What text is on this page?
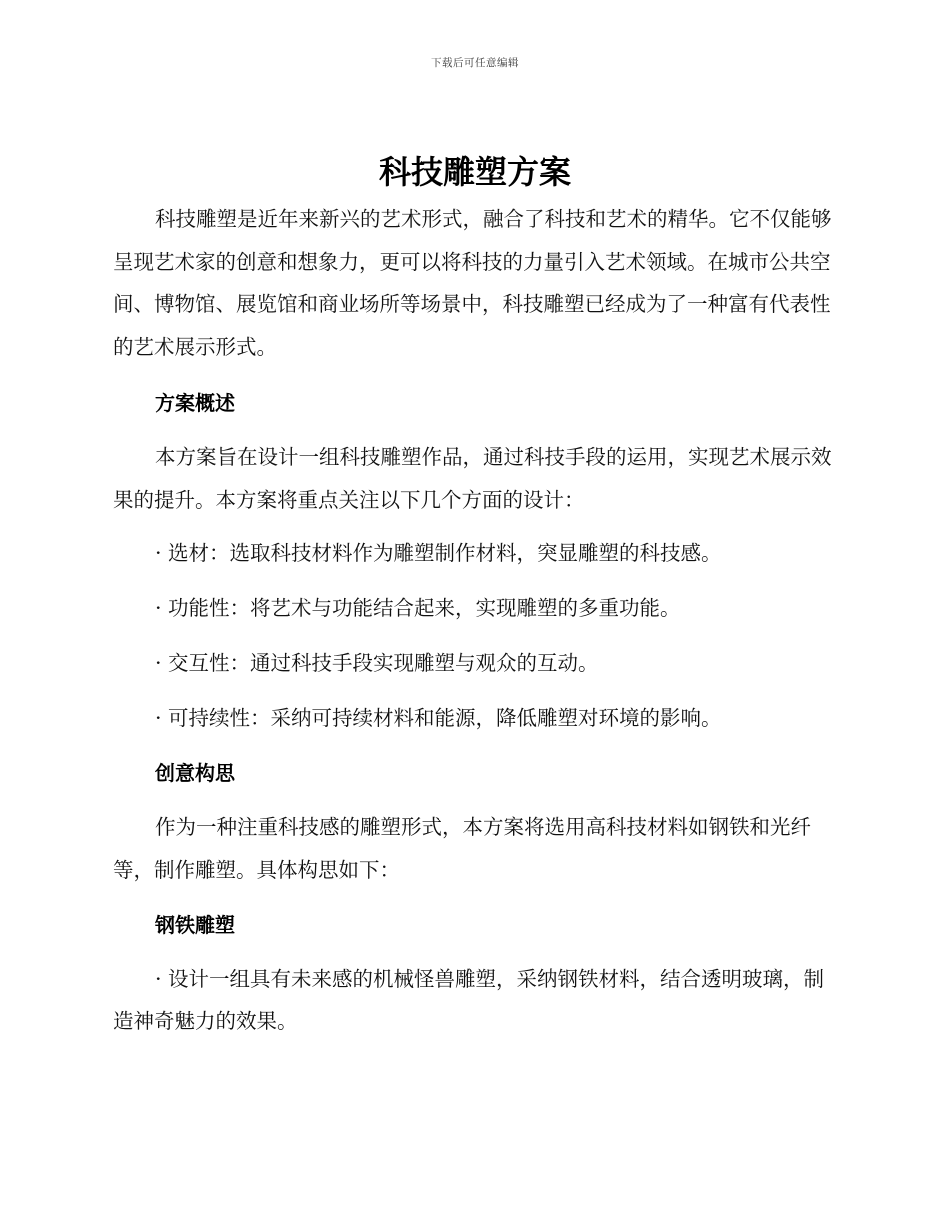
下载后可任意编辑
科技雕塑方案

科技雕塑是近年来新兴的艺术形式，融合了科技和艺术的精华。它不仅能够呈现艺术家的创意和想象力，更可以将科技的力量引入艺术领域。在城市公共空间、博物馆、展览馆和商业场所等场景中，科技雕塑已经成为了一种富有代表性的艺术展示形式。

方案概述

本方案旨在设计一组科技雕塑作品，通过科技手段的运用，实现艺术展示效果的提升。本方案将重点关注以下几个方面的设计：

· 选材：选取科技材料作为雕塑制作材料，突显雕塑的科技感。
· 功能性：将艺术与功能结合起来，实现雕塑的多重功能。
· 交互性：通过科技手段实现雕塑与观众的互动。
· 可持续性：采纳可持续材料和能源，降低雕塑对环境的影响。
创意构思

作为一种注重科技感的雕塑形式，本方案将选用高科技材料如钢铁和光纤等，制作雕塑。具体构思如下：

钢铁雕塑
· 设计一组具有未来感的机械怪兽雕塑，采纳钢铁材料，结合透明玻璃，制造神奇魅力的效果。
